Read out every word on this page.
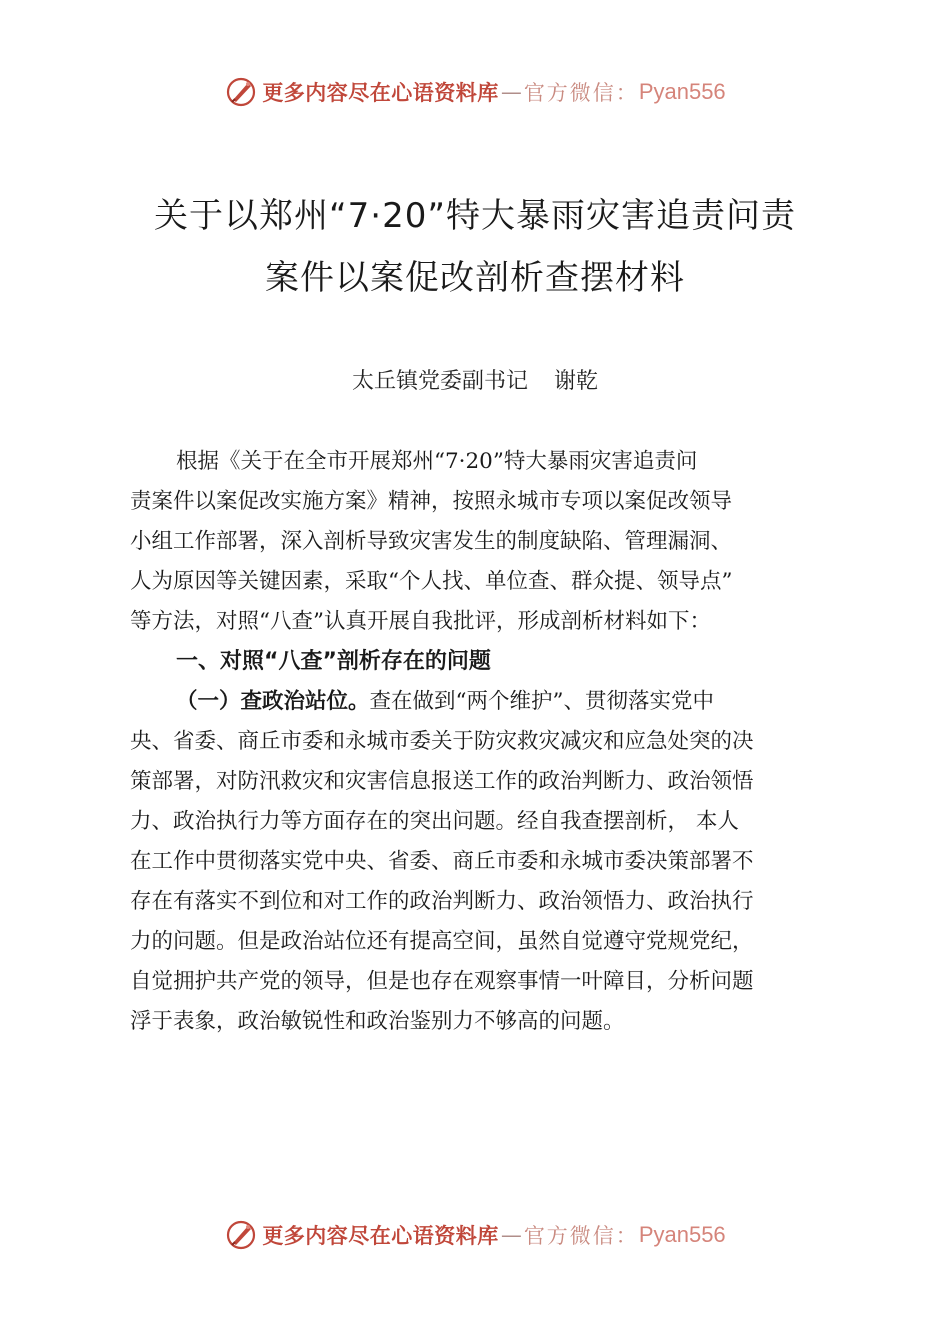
更多内容尽在心语资料库 — 官方微信： Pyan556
关于以郑州“7·20”特大暴雨灾害追责问责
案件以案促改剖析查摆材料
太丘镇党委副书记 谢乾
根据《关于在全市开展郑州“7·20”特大暴雨灾害追责问
责案件以案促改实施方案》精神，按照永城市专项以案促改领导
小组工作部署，深入剖析导致灾害发生的制度缺陷、管理漏洞、
人为原因等关键因素，采取“个人找、单位查、群众提、领导点”
等方法，对照“八查”认真开展自我批评，形成剖析材料如下：
一、对照“八查”剖析存在的问题
（一）查政治站位。查在做到“两个维护”、贯彻落实党中
央、省委、商丘市委和永城市委关于防灾救灾减灾和应急处突的决
策部署，对防汛救灾和灾害信息报送工作的政治判断力、政治领悟
力、政治执行力等方面存在的突出问题。经自我查摆剖析， 本人
在工作中贯彻落实党中央、省委、商丘市委和永城市委决策部署不
存在有落实不到位和对工作的政治判断力、政治领悟力、政治执行
力的问题。但是政治站位还有提高空间，虽然自觉遵守党规党纪，
自觉拥护共产党的领导，但是也存在观察事情一叶障目，分析问题
浮于表象，政治敏锐性和政治鉴别力不够高的问题。
更多内容尽在心语资料库 — 官方微信： Pyan556
